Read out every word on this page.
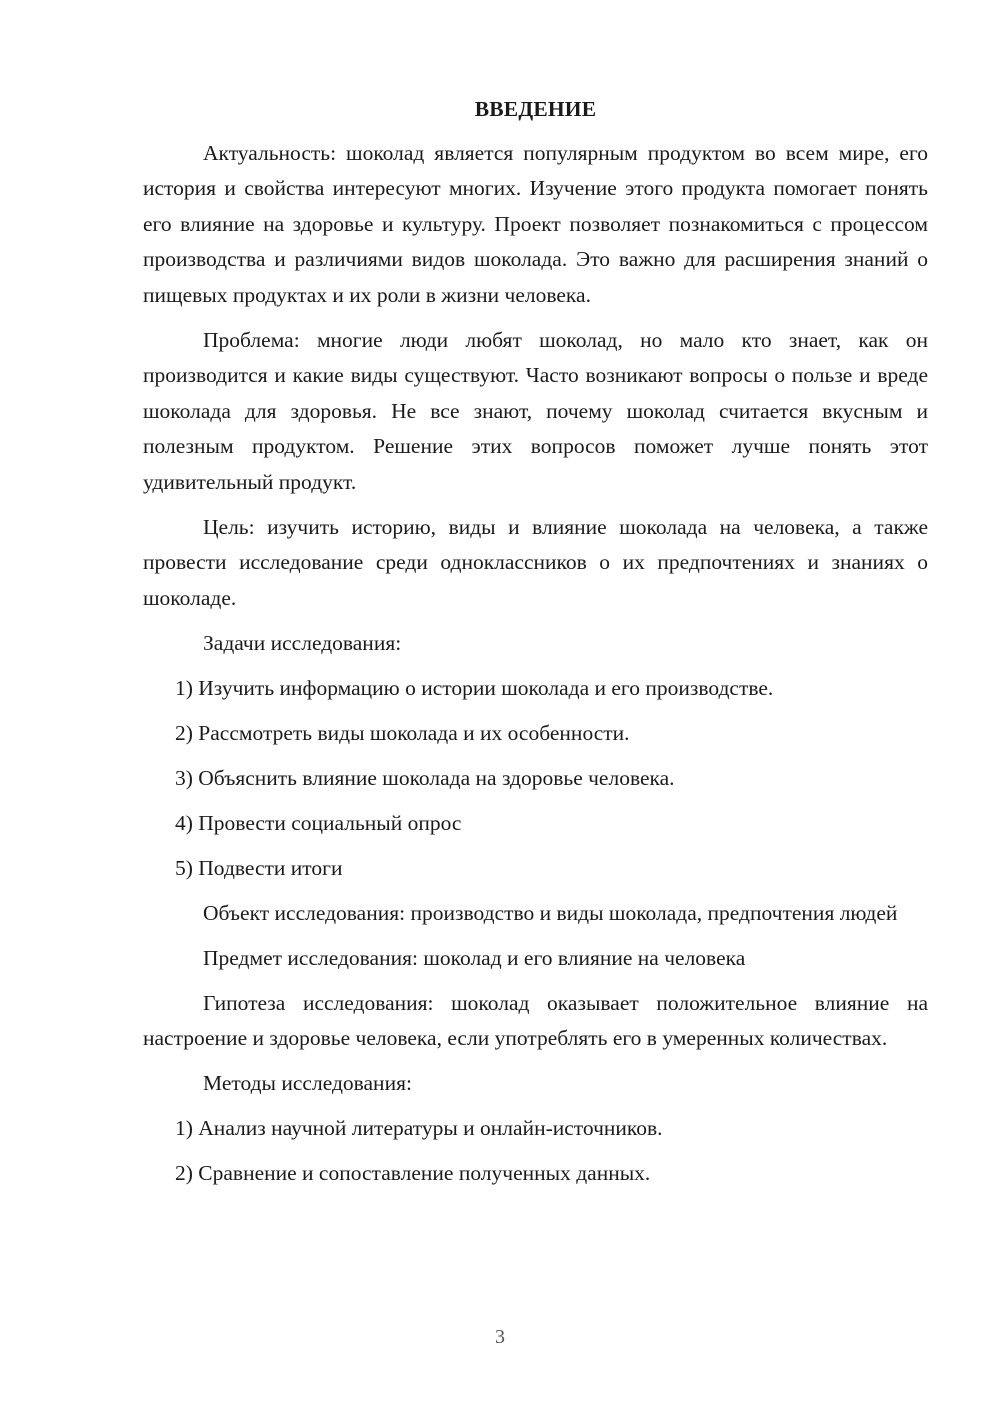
ВВЕДЕНИЕ

Актуальность: шоколад является популярным продуктом во всем мире, его история и свойства интересуют многих. Изучение этого продукта помогает понять его влияние на здоровье и культуру. Проект позволяет познакомиться с процессом производства и различиями видов шоколада. Это важно для расширения знаний о пищевых продуктах и их роли в жизни человека.

Проблема: многие люди любят шоколад, но мало кто знает, как он производится и какие виды существуют. Часто возникают вопросы о пользе и вреде шоколада для здоровья. Не все знают, почему шоколад считается вкусным и полезным продуктом. Решение этих вопросов поможет лучше понять этот удивительный продукт.

Цель: изучить историю, виды и влияние шоколада на человека, а также провести исследование среди одноклассников о их предпочтениях и знаниях о шоколаде.

Задачи исследования:

1) Изучить информацию о истории шоколада и его производстве.
2) Рассмотреть виды шоколада и их особенности.
3) Объяснить влияние шоколада на здоровье человека.
4) Провести социальный опрос
5) Подвести итоги

Объект исследования: производство и виды шоколада, предпочтения людей

Предмет исследования: шоколад и его влияние на человека

Гипотеза исследования: шоколад оказывает положительное влияние на настроение и здоровье человека, если употреблять его в умеренных количествах.

Методы исследования:

1) Анализ научной литературы и онлайн-источников.
2) Сравнение и сопоставление полученных данных.
3
